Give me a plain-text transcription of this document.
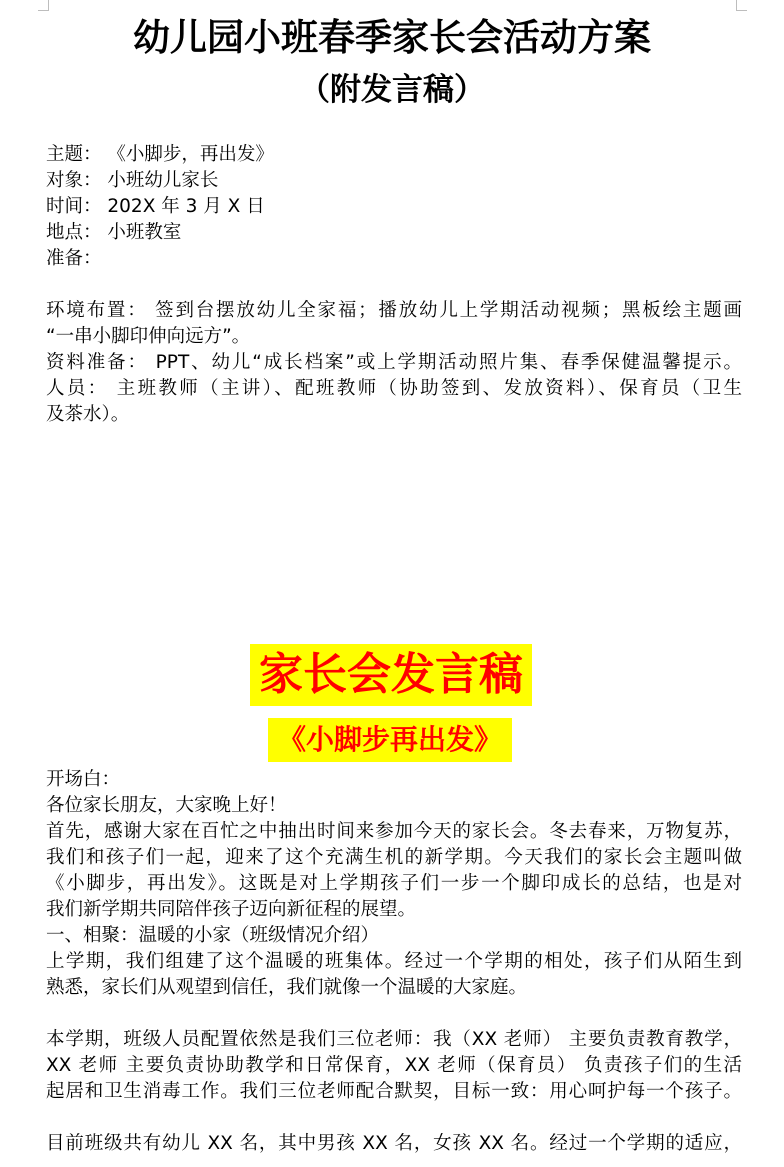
幼儿园小班春季家长会活动方案
（附发言稿）
主题： 《小脚步，再出发》
对象： 小班幼儿家长
时间： 202X 年 3 月 X 日
地点： 小班教室
准备：
环境布置： 签到台摆放幼儿全家福；播放幼儿上学期活动视频；黑板绘主题画
“一串小脚印伸向远方”。
资料准备： PPT、幼儿“成长档案”或上学期活动照片集、春季保健温馨提示。
人员： 主班教师（主讲）、配班教师（协助签到、发放资料）、保育员（卫生
及茶水）。
家长会发言稿
《小脚步再出发》
开场白：
各位家长朋友，大家晚上好！
首先，感谢大家在百忙之中抽出时间来参加今天的家长会。冬去春来，万物复苏，
我们和孩子们一起，迎来了这个充满生机的新学期。今天我们的家长会主题叫做
《小脚步，再出发》。这既是对上学期孩子们一步一个脚印成长的总结，也是对
我们新学期共同陪伴孩子迈向新征程的展望。
一、相聚：温暖的小家（班级情况介绍）
上学期，我们组建了这个温暖的班集体。经过一个学期的相处，孩子们从陌生到
熟悉，家长们从观望到信任，我们就像一个温暖的大家庭。
本学期，班级人员配置依然是我们三位老师：我（XX 老师） 主要负责教育教学，
XX 老师 主要负责协助教学和日常保育，XX 老师（保育员） 负责孩子们的生活
起居和卫生消毒工作。我们三位老师配合默契，目标一致：用心呵护每一个孩子。
目前班级共有幼儿 XX 名，其中男孩 XX 名，女孩 XX 名。经过一个学期的适应，
